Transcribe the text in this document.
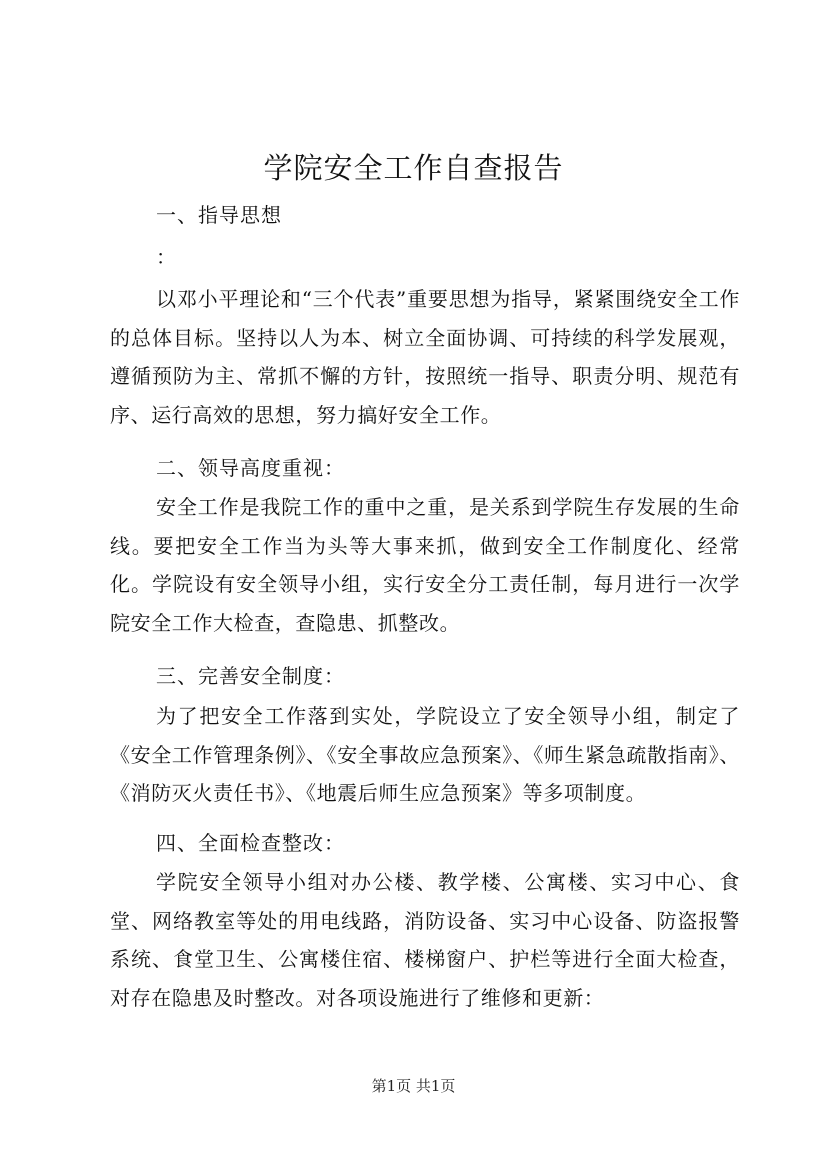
学院安全工作自查报告
一、指导思想
：
以邓小平理论和“三个代表”重要思想为指导，紧紧围绕安全工作的总体目标。坚持以人为本、树立全面协调、可持续的科学发展观，遵循预防为主、常抓不懈的方针，按照统一指导、职责分明、规范有序、运行高效的思想，努力搞好安全工作。
二、领导高度重视：
安全工作是我院工作的重中之重，是关系到学院生存发展的生命线。要把安全工作当为头等大事来抓，做到安全工作制度化、经常化。学院设有安全领导小组，实行安全分工责任制，每月进行一次学院安全工作大检查，查隐患、抓整改。
三、完善安全制度：
为了把安全工作落到实处，学院设立了安全领导小组，制定了《安全工作管理条例》、《安全事故应急预案》、《师生紧急疏散指南》、《消防灭火责任书》、《地震后师生应急预案》等多项制度。
四、全面检查整改：
学院安全领导小组对办公楼、教学楼、公寓楼、实习中心、食堂、网络教室等处的用电线路，消防设备、实习中心设备、防盗报警系统、食堂卫生、公寓楼住宿、楼梯窗户、护栏等进行全面大检查，对存在隐患及时整改。对各项设施进行了维修和更新：
第1页 共1页
